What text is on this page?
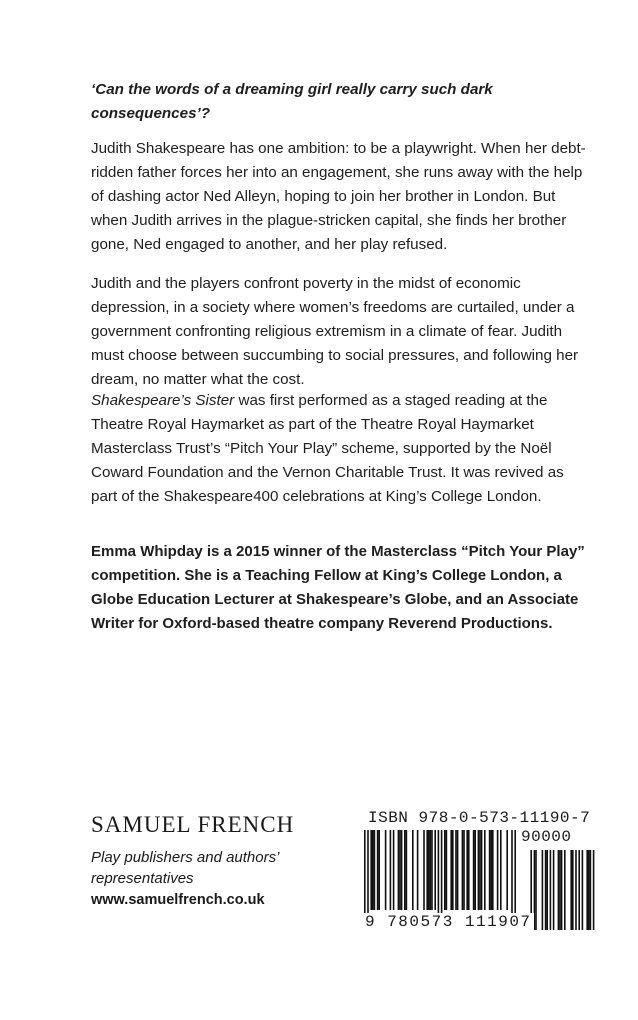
‘Can the words of a dreaming girl really carry such dark consequences’?

Judith Shakespeare has one ambition: to be a playwright. When her debt-ridden father forces her into an engagement, she runs away with the help of dashing actor Ned Alleyn, hoping to join her brother in London. But when Judith arrives in the plague-stricken capital, she finds her brother gone, Ned engaged to another, and her play refused.

Judith and the players confront poverty in the midst of economic depression, in a society where women’s freedoms are curtailed, under a government confronting religious extremism in a climate of fear. Judith must choose between succumbing to social pressures, and following her dream, no matter what the cost.

Shakespeare’s Sister was first performed as a staged reading at the Theatre Royal Haymarket as part of the Theatre Royal Haymarket Masterclass Trust’s “Pitch Your Play” scheme, supported by the Noël Coward Foundation and the Vernon Charitable Trust. It was revived as part of the Shakespeare400 celebrations at King’s College London.

Emma Whipday is a 2015 winner of the Masterclass “Pitch Your Play” competition. She is a Teaching Fellow at King’s College London, a Globe Education Lecturer at Shakespeare’s Globe, and an Associate Writer for Oxford-based theatre company Reverend Productions.

SAMUEL FRENCH

Play publishers and authors’ representatives

www.samuelfrench.co.uk

ISBN 978-0-573-11190-7

90000

9 780573 111907
